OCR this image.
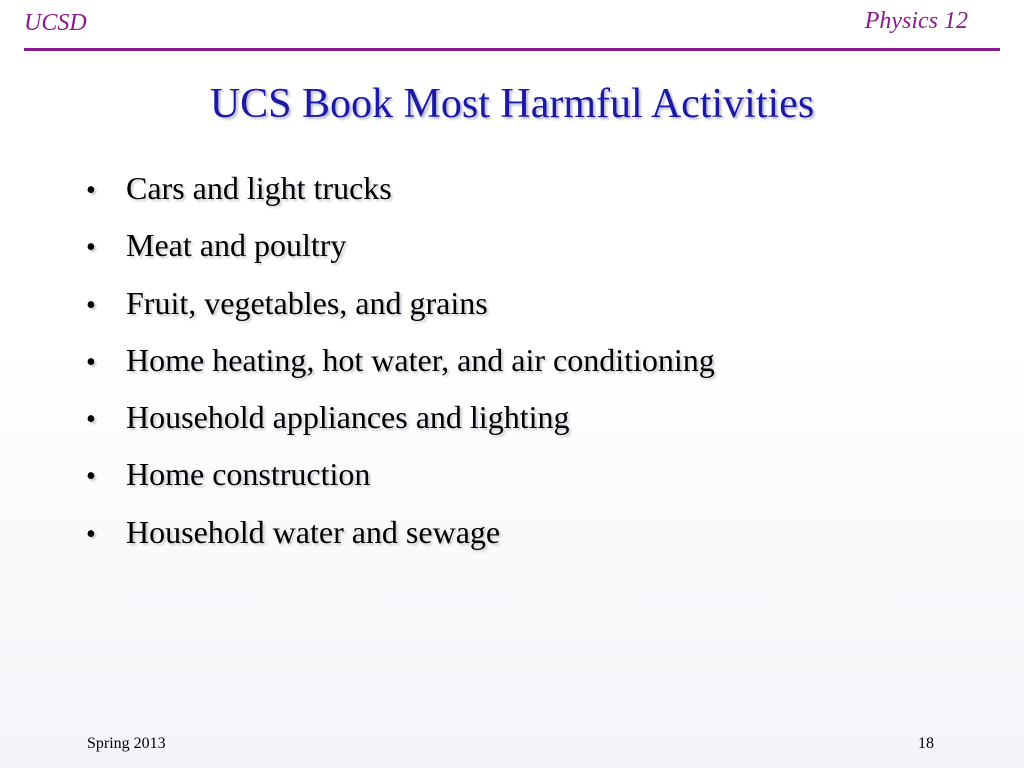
UCSD	Physics 12
UCS Book Most Harmful Activities
• Cars and light trucks
• Meat and poultry
• Fruit, vegetables, and grains
• Home heating, hot water, and air conditioning
• Household appliances and lighting
• Home construction
• Household water and sewage
Spring 2013	18
